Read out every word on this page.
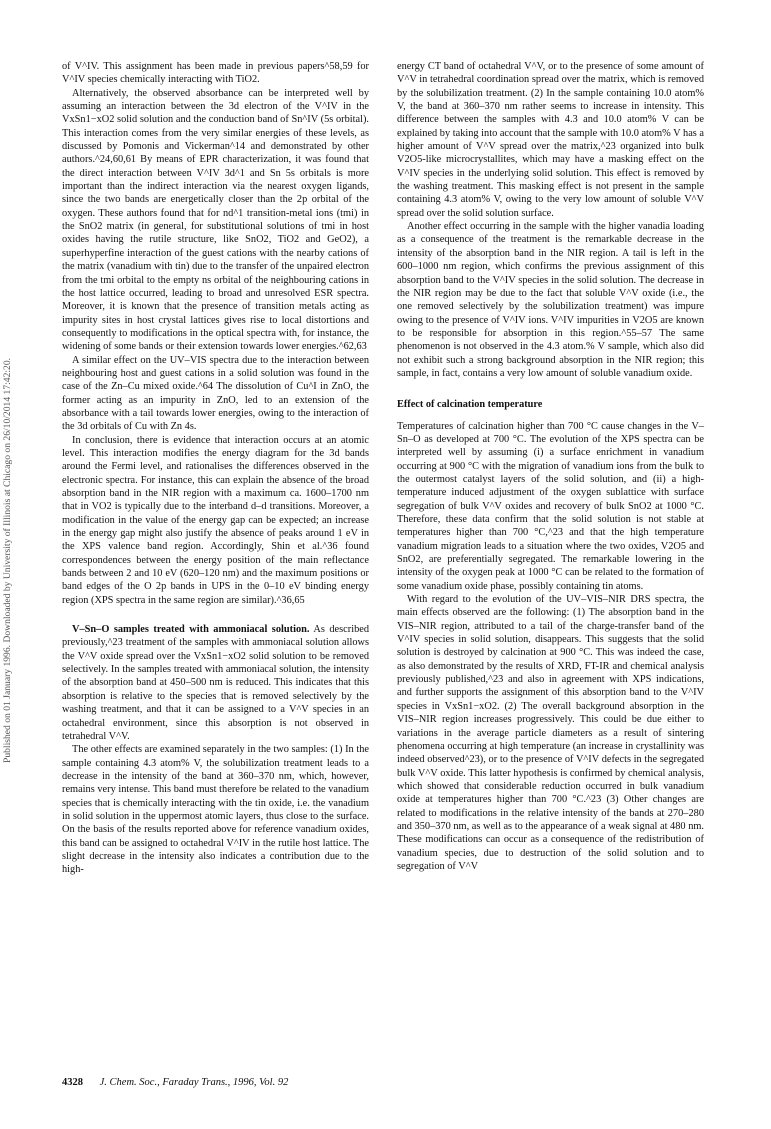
Published on 01 January 1996. Downloaded by University of Illinois at Chicago on 26/10/2014 17:42:20.

of V^IV. This assignment has been made in previous papers^58,59 for V^IV species chemically interacting with TiO2.

Alternatively, the observed absorbance can be interpreted well by assuming an interaction between the 3d electron of the V^IV in the VxSn1−xO2 solid solution and the conduction band of Sn^IV (5s orbital). This interaction comes from the very similar energies of these levels, as discussed by Pomonis and Vickerman^14 and demonstrated by other authors.^24,60,61 By means of EPR characterization, it was found that the direct interaction between V^IV 3d^1 and Sn 5s orbitals is more important than the indirect interaction via the nearest oxygen ligands, since the two bands are energetically closer than the 2p orbital of the oxygen. These authors found that for nd^1 transition-metal ions (tmi) in the SnO2 matrix (in general, for substitutional solutions of tmi in host oxides having the rutile structure, like SnO2, TiO2 and GeO2), a superhyperfine interaction of the guest cations with the nearby cations of the matrix (vanadium with tin) due to the transfer of the unpaired electron from the tmi orbital to the empty ns orbital of the neighbouring cations in the host lattice occurred, leading to broad and unresolved ESR spectra. Moreover, it is known that the presence of transition metals acting as impurity sites in host crystal lattices gives rise to local distortions and consequently to modifications in the optical spectra with, for instance, the widening of some bands or their extension towards lower energies.^62,63

A similar effect on the UV–VIS spectra due to the interaction between neighbouring host and guest cations in a solid solution was found in the case of the Zn–Cu mixed oxide.^64 The dissolution of Cu^I in ZnO, the former acting as an impurity in ZnO, led to an extension of the absorbance with a tail towards lower energies, owing to the interaction of the 3d orbitals of Cu with Zn 4s.

In conclusion, there is evidence that interaction occurs at an atomic level. This interaction modifies the energy diagram for the 3d bands around the Fermi level, and rationalises the differences observed in the electronic spectra. For instance, this can explain the absence of the broad absorption band in the NIR region with a maximum ca. 1600–1700 nm that in VO2 is typically due to the interband d–d transitions. Moreover, a modification in the value of the energy gap can be expected; an increase in the energy gap might also justify the absence of peaks around 1 eV in the XPS valence band region. Accordingly, Shin et al.^36 found correspondences between the energy position of the main reflectance bands between 2 and 10 eV (620–120 nm) and the maximum positions or band edges of the O 2p bands in UPS in the 0–10 eV binding energy region (XPS spectra in the same region are similar).^36,65

V–Sn–O samples treated with ammoniacal solution. As described previously,^23 treatment of the samples with ammoniacal solution allows the V^V oxide spread over the VxSn1−xO2 solid solution to be removed selectively. In the samples treated with ammoniacal solution, the intensity of the absorption band at 450–500 nm is reduced. This indicates that this absorption is relative to the species that is removed selectively by the washing treatment, and that it can be assigned to a V^V species in an octahedral environment, since this absorption is not observed in tetrahedral V^V.

The other effects are examined separately in the two samples: (1) In the sample containing 4.3 atom% V, the solubilization treatment leads to a decrease in the intensity of the band at 360–370 nm, which, however, remains very intense. This band must therefore be related to the vanadium species that is chemically interacting with the tin oxide, i.e. the vanadium in solid solution in the uppermost atomic layers, thus close to the surface. On the basis of the results reported above for reference vanadium oxides, this band can be assigned to octahedral V^IV in the rutile host lattice. The slight decrease in the intensity also indicates a contribution due to the high-

energy CT band of octahedral V^V, or to the presence of some amount of V^V in tetrahedral coordination spread over the matrix, which is removed by the solubilization treatment. (2) In the sample containing 10.0 atom% V, the band at 360–370 nm rather seems to increase in intensity. This difference between the samples with 4.3 and 10.0 atom% V can be explained by taking into account that the sample with 10.0 atom% V has a higher amount of V^V spread over the matrix,^23 organized into bulk V2O5-like microcrystallites, which may have a masking effect on the V^IV species in the underlying solid solution. This effect is removed by the washing treatment. This masking effect is not present in the sample containing 4.3 atom% V, owing to the very low amount of soluble V^V spread over the solid solution surface.

Another effect occurring in the sample with the higher vanadia loading as a consequence of the treatment is the remarkable decrease in the intensity of the absorption band in the NIR region. A tail is left in the 600–1000 nm region, which confirms the previous assignment of this absorption band to the V^IV species in the solid solution. The decrease in the NIR region may be due to the fact that soluble V^V oxide (i.e., the one removed selectively by the solubilization treatment) was impure owing to the presence of V^IV ions. V^IV impurities in V2O5 are known to be responsible for absorption in this region.^55–57 The same phenomenon is not observed in the 4.3 atom.% V sample, which also did not exhibit such a strong background absorption in the NIR region; this sample, in fact, contains a very low amount of soluble vanadium oxide.

Effect of calcination temperature

Temperatures of calcination higher than 700 °C cause changes in the V–Sn–O as developed at 700 °C. The evolution of the XPS spectra can be interpreted well by assuming (i) a surface enrichment in vanadium occurring at 900 °C with the migration of vanadium ions from the bulk to the outermost catalyst layers of the solid solution, and (ii) a high-temperature induced adjustment of the oxygen sublattice with surface segregation of bulk V^V oxides and recovery of bulk SnO2 at 1000 °C. Therefore, these data confirm that the solid solution is not stable at temperatures higher than 700 °C,^23 and that the high temperature vanadium migration leads to a situation where the two oxides, V2O5 and SnO2, are preferentially segregated. The remarkable lowering in the intensity of the oxygen peak at 1000 °C can be related to the formation of some vanadium oxide phase, possibly containing tin atoms.

With regard to the evolution of the UV–VIS–NIR DRS spectra, the main effects observed are the following: (1) The absorption band in the VIS–NIR region, attributed to a tail of the charge-transfer band of the V^IV species in solid solution, disappears. This suggests that the solid solution is destroyed by calcination at 900 °C. This was indeed the case, as also demonstrated by the results of XRD, FT-IR and chemical analysis previously published,^23 and also in agreement with XPS indications, and further supports the assignment of this absorption band to the V^IV species in VxSn1−xO2. (2) The overall background absorption in the VIS–NIR region increases progressively. This could be due either to variations in the average particle diameters as a result of sintering phenomena occurring at high temperature (an increase in crystallinity was indeed observed^23), or to the presence of V^IV defects in the segregated bulk V^V oxide. This latter hypothesis is confirmed by chemical analysis, which showed that considerable reduction occurred in bulk vanadium oxide at temperatures higher than 700 °C.^23 (3) Other changes are related to modifications in the relative intensity of the bands at 270–280 and 350–370 nm, as well as to the appearance of a weak signal at 480 nm. These modifications can occur as a consequence of the redistribution of vanadium species, due to destruction of the solid solution and to segregation of V^V

4328 J. Chem. Soc., Faraday Trans., 1996, Vol. 92
